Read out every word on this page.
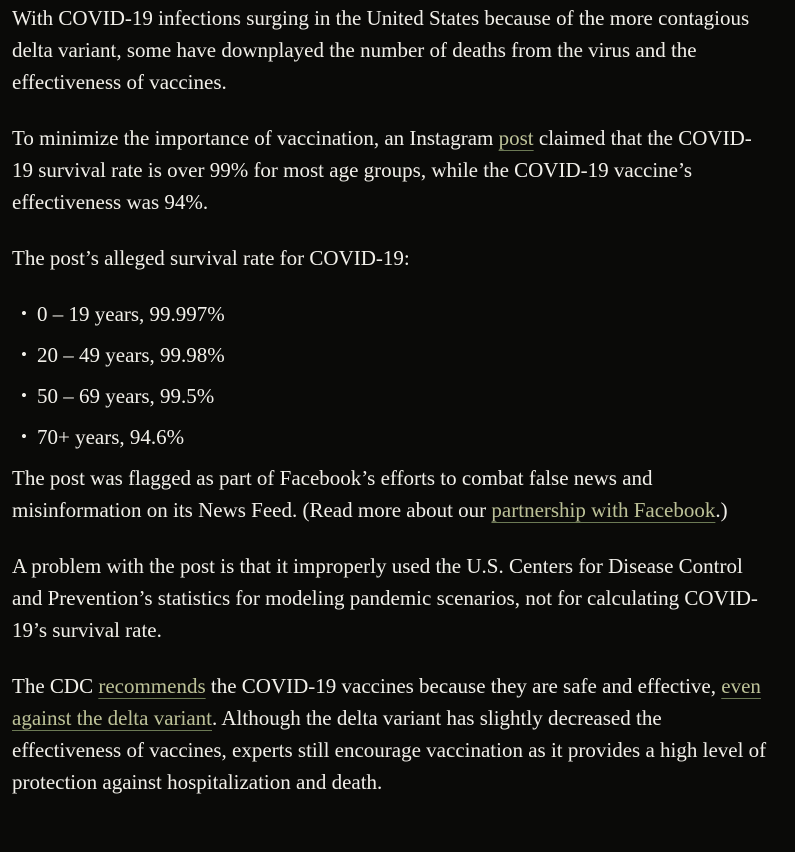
With COVID-19 infections surging in the United States because of the more contagious delta variant, some have downplayed the number of deaths from the virus and the effectiveness of vaccines.

To minimize the importance of vaccination, an Instagram post claimed that the COVID-19 survival rate is over 99% for most age groups, while the COVID-19 vaccine’s effectiveness was 94%.

The post’s alleged survival rate for COVID-19:

• 0 – 19 years, 99.997%
• 20 – 49 years, 99.98%
• 50 – 69 years, 99.5%
• 70+ years, 94.6%

The post was flagged as part of Facebook’s efforts to combat false news and misinformation on its News Feed. (Read more about our partnership with Facebook.)

A problem with the post is that it improperly used the U.S. Centers for Disease Control and Prevention’s statistics for modeling pandemic scenarios, not for calculating COVID-19’s survival rate.

The CDC recommends the COVID-19 vaccines because they are safe and effective, even against the delta variant. Although the delta variant has slightly decreased the effectiveness of vaccines, experts still encourage vaccination as it provides a high level of protection against hospitalization and death.
